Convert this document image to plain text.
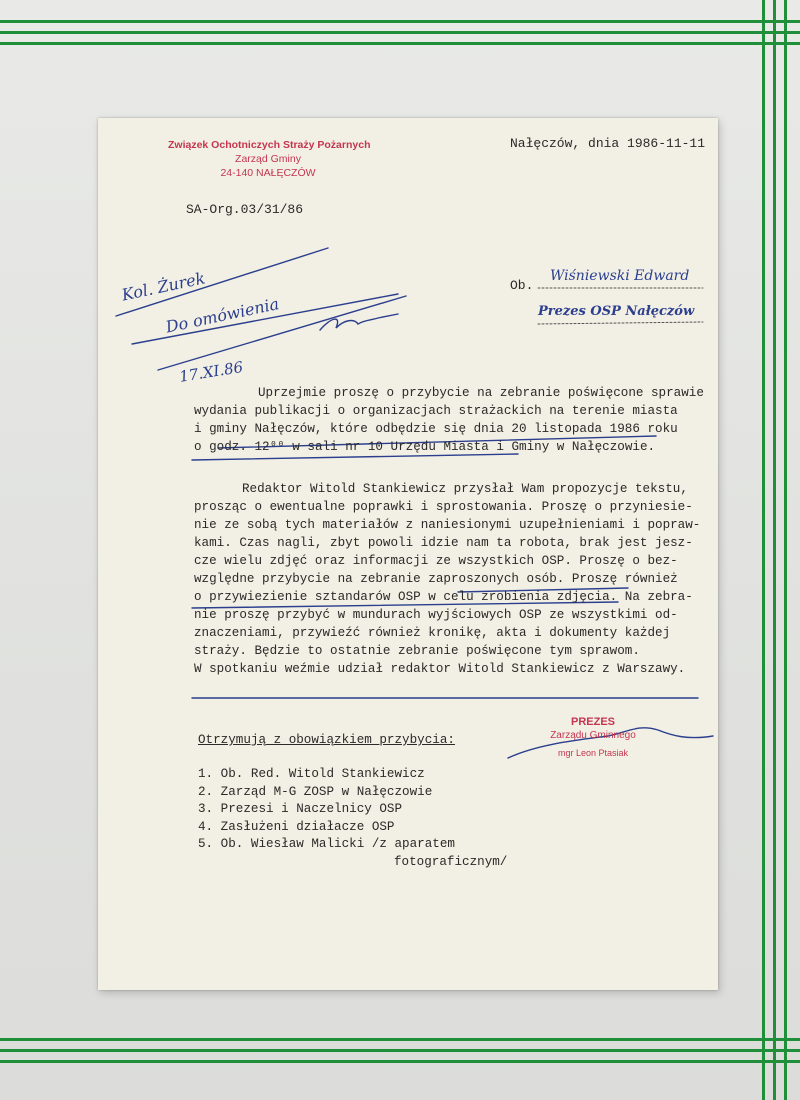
Związek Ochotniczych Straży Pożarnych
Zarząd Gminy
24-140 NAŁĘCZÓW
Nałęczów, dnia 1986-11-11
SA-Org.03/31/86
Ob.
Wiśniewski Edward
Prezes OSP Nałęczów
Kol. Żurek
Do omówienia
17.XI.86
Uprzejmie proszę o przybycie na zebranie poświęcone sprawie
wydania publikacji o organizacjach strażackich na terenie miasta
i gminy Nałęczów, które odbędzie się dnia 20 listopada 1986 roku
o godz. 12⁰⁰ w sali nr 10 Urzędu Miasta i Gminy w Nałęczowie.
Redaktor Witold Stankiewicz przysłał Wam propozycje tekstu,
prosząc o ewentualne poprawki i sprostowania. Proszę o przyniesie-
nie ze sobą tych materiałów z naniesionymi uzupełnieniami i popraw-
kami. Czas nagli, zbyt powoli idzie nam ta robota, brak jest jesz-
cze wielu zdjęć oraz informacji ze wszystkich OSP. Proszę o bez-
względne przybycie na zebranie zaproszonych osób. Proszę również
o przywiezienie sztandarów OSP w celu zrobienia zdjęcia. Na zebra-
nie proszę przybyć w mundurach wyjściowych OSP ze wszystkimi od-
znaczeniami, przywieźć również kronikę, akta i dokumenty każdej
straży. Będzie to ostatnie zebranie poświęcone tym sprawom.
W spotkaniu weźmie udział redaktor Witold Stankiewicz z Warszawy.
Otrzymują z obowiązkiem przybycia:
PREZES
Zarządu Gminnego
mgr Leon Ptasiak
1. Ob. Red. Witold Stankiewicz
2. Zarząd M-G ZOSP w Nałęczowie
3. Prezesi i Naczelnicy OSP
4. Zasłużeni działacze OSP
5. Ob. Wiesław Malicki /z aparatem
fotograficznym/
